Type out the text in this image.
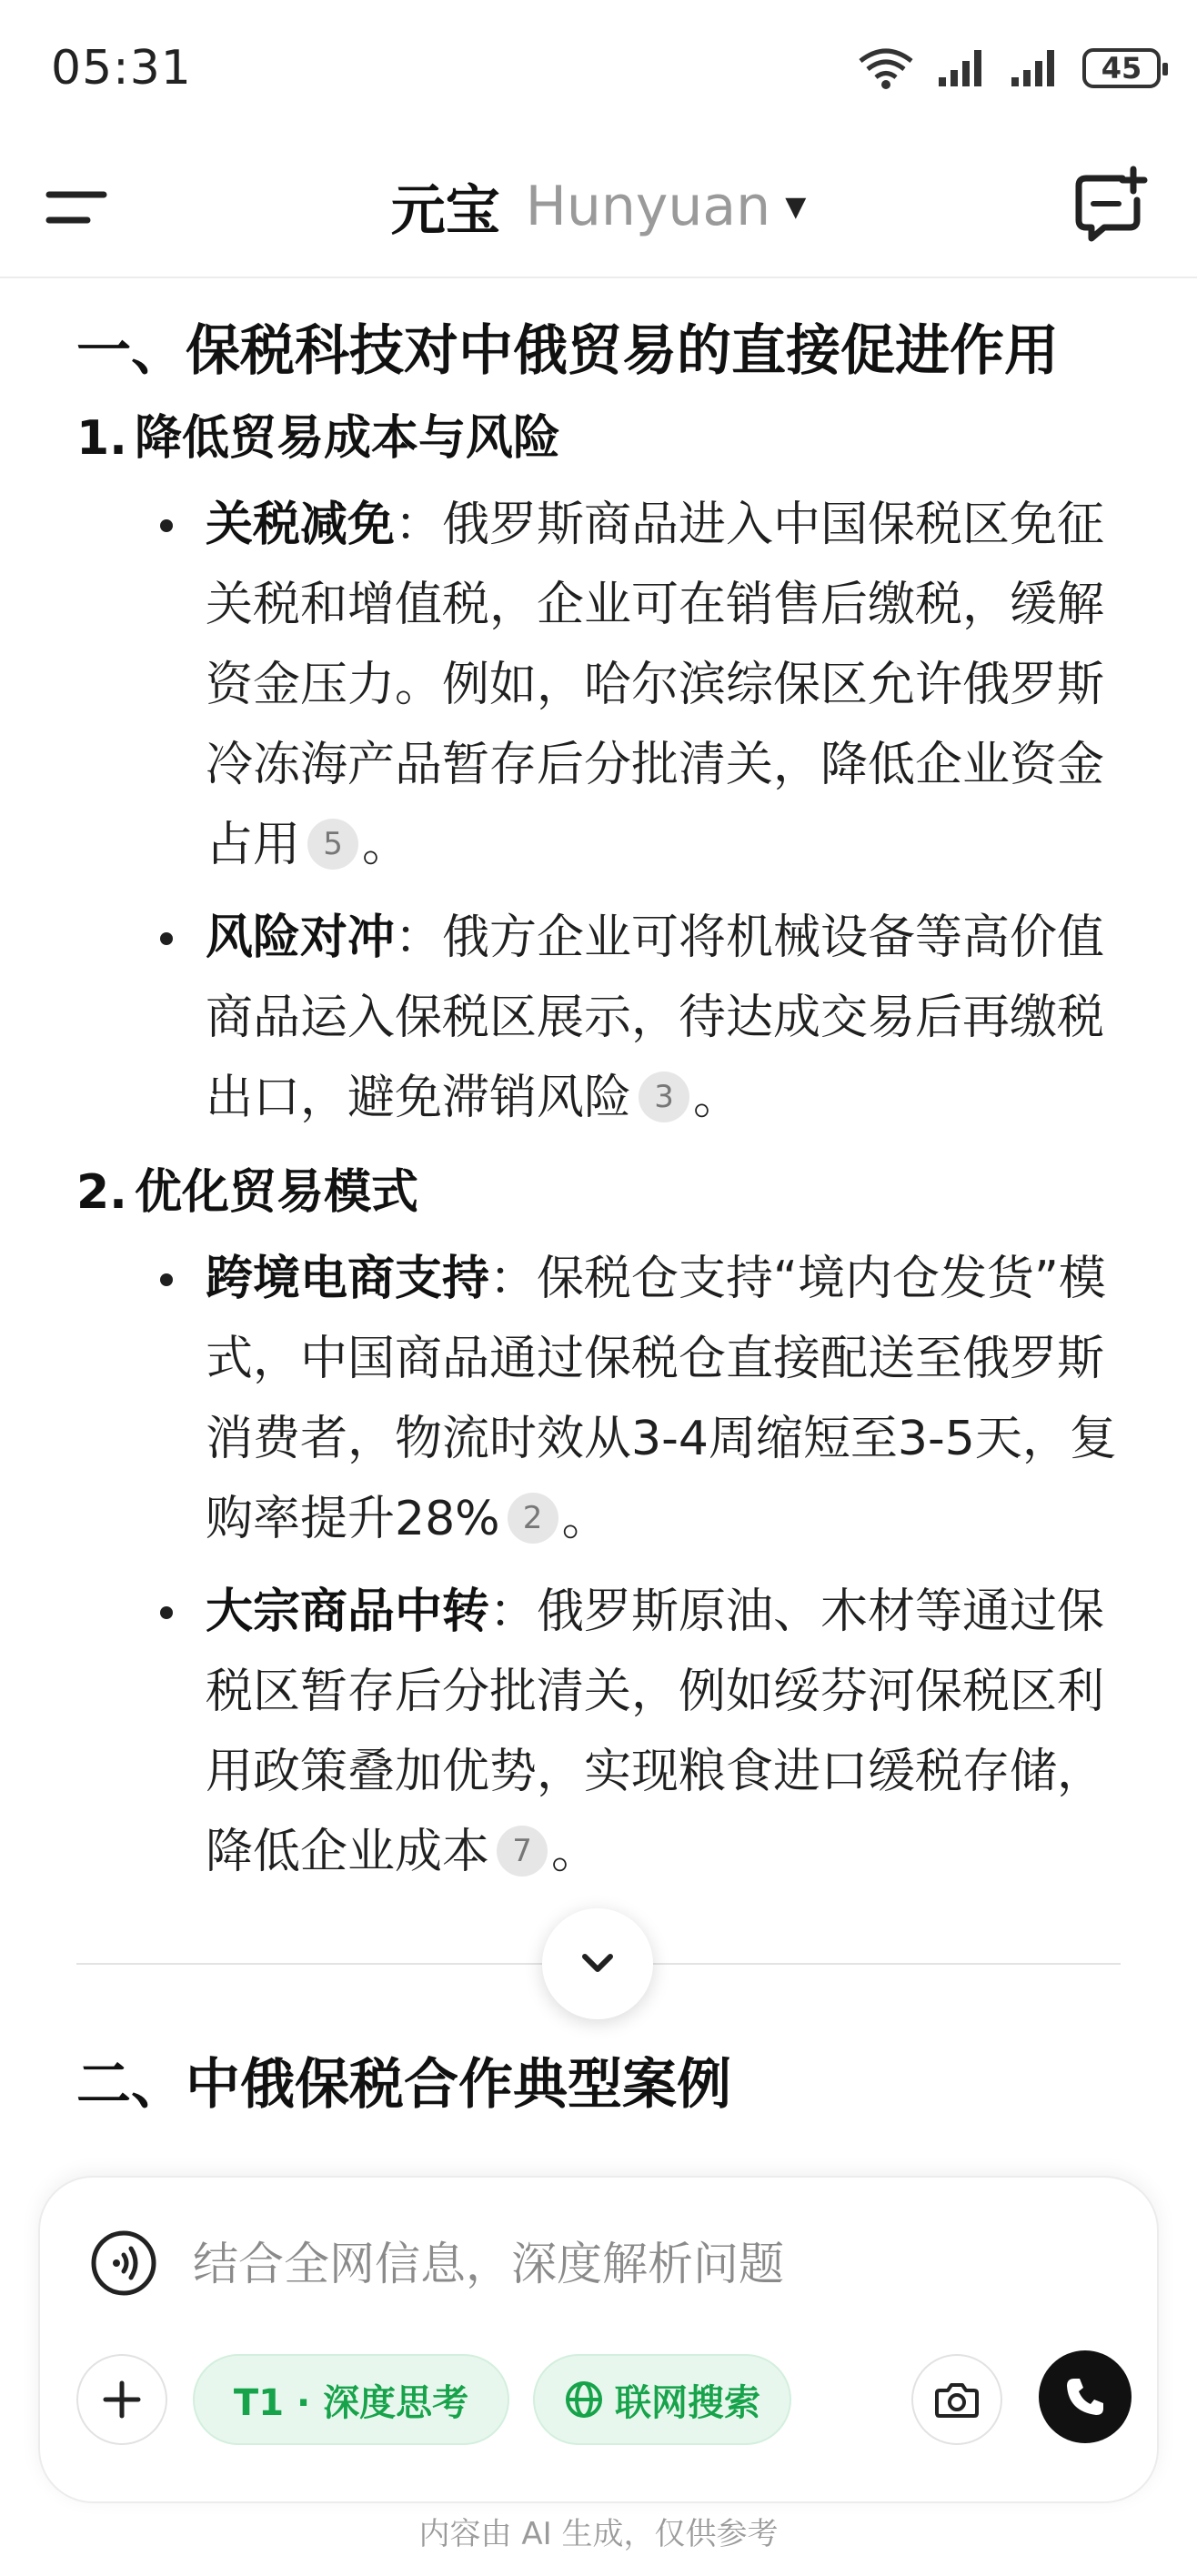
05:31	45
元宝 Hunyuan ▼
一、保税科技对中俄贸易的直接促进作用
1. 降低贸易成本与风险
关税减免：俄罗斯商品进入中国保税区免征关税和增值税，企业可在销售后缴税，缓解资金压力。例如，哈尔滨综保区允许俄罗斯冷冻海产品暂存后分批清关，降低企业资金占用 5 。
风险对冲：俄方企业可将机械设备等高价值商品运入保税区展示，待达成交易后再缴税出口，避免滞销风险 3 。
2. 优化贸易模式
跨境电商支持：保税仓支持“境内仓发货”模式，中国商品通过保税仓直接配送至俄罗斯消费者，物流时效从3-4周缩短至3-5天，复购率提升28% 2 。
大宗商品中转：俄罗斯原油、木材等通过保税区暂存后分批清关，例如绥芬河保税区利用政策叠加优势，实现粮食进口缓税存储，降低企业成本 7 。
二、中俄保税合作典型案例
结合全网信息，深度解析问题
T1 · 深度思考	联网搜索
内容由 AI 生成，仅供参考
